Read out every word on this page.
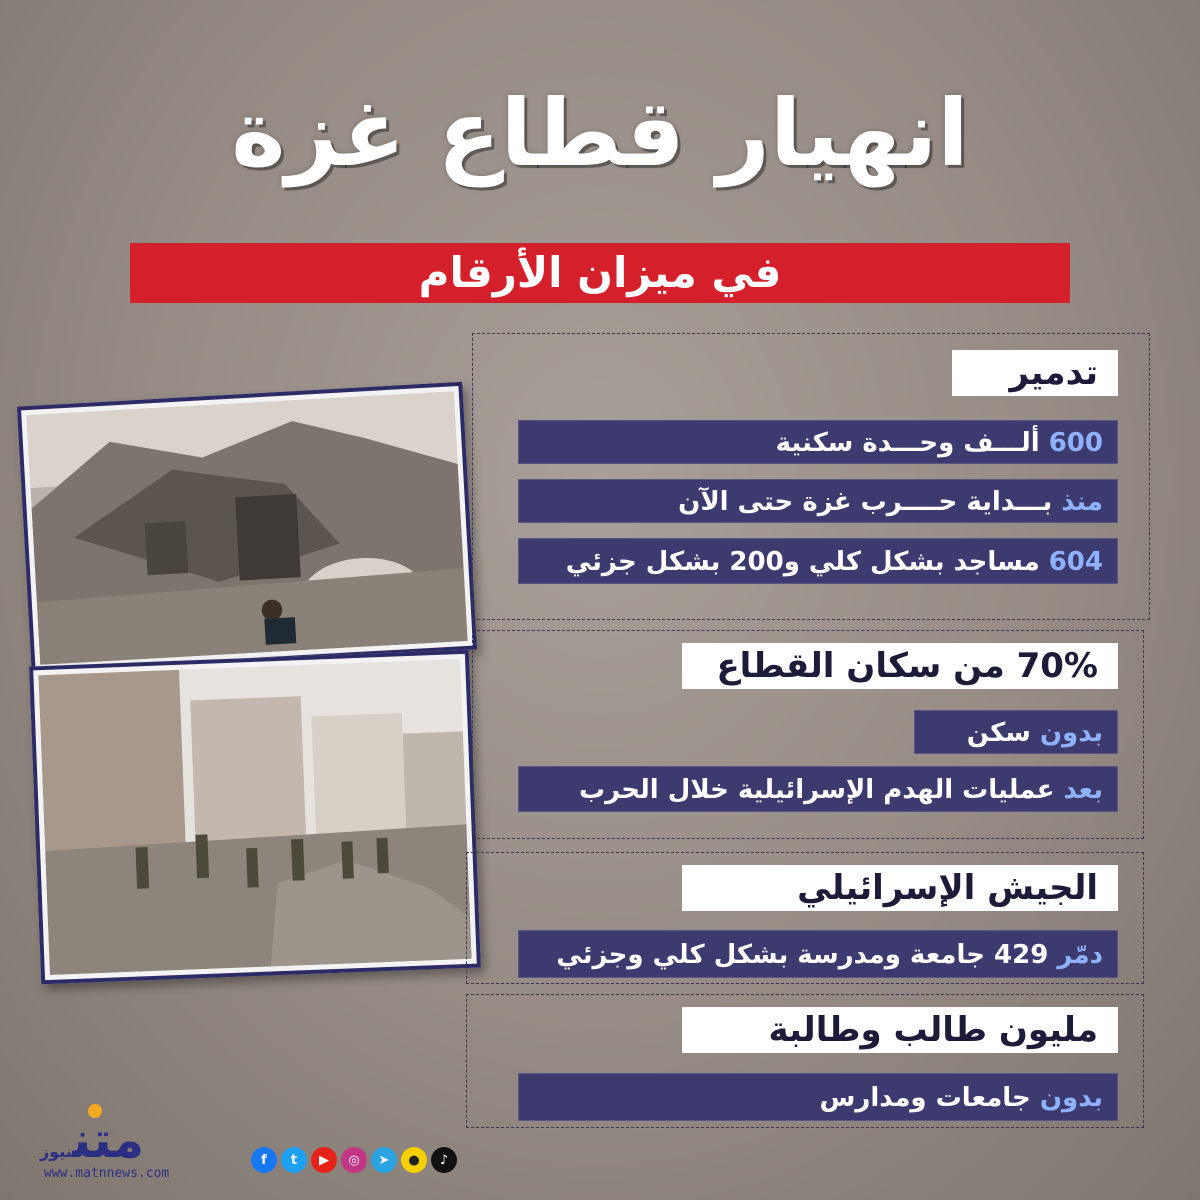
انهيار قطاع غزة
في ميزان الأرقام
تدمير
600 ألـــف وحـــدة سكنية
منذ بـــداية حــــرب غزة حتى الآن
604 مساجد بشكل كلي و200 بشكل جزئي
70% من سكان القطاع
بدون سكن
بعد عمليات الهدم الإسرائيلية خلال الحرب
الجيش الإسرائيلي
دمّر 429 جامعة ومدرسة بشكل كلي وجزئي
مليون طالب وطالبة
بدون جامعات ومدارس
متننيوز
www.matnnews.com
f	t	▶	◎	➤	●	♪
